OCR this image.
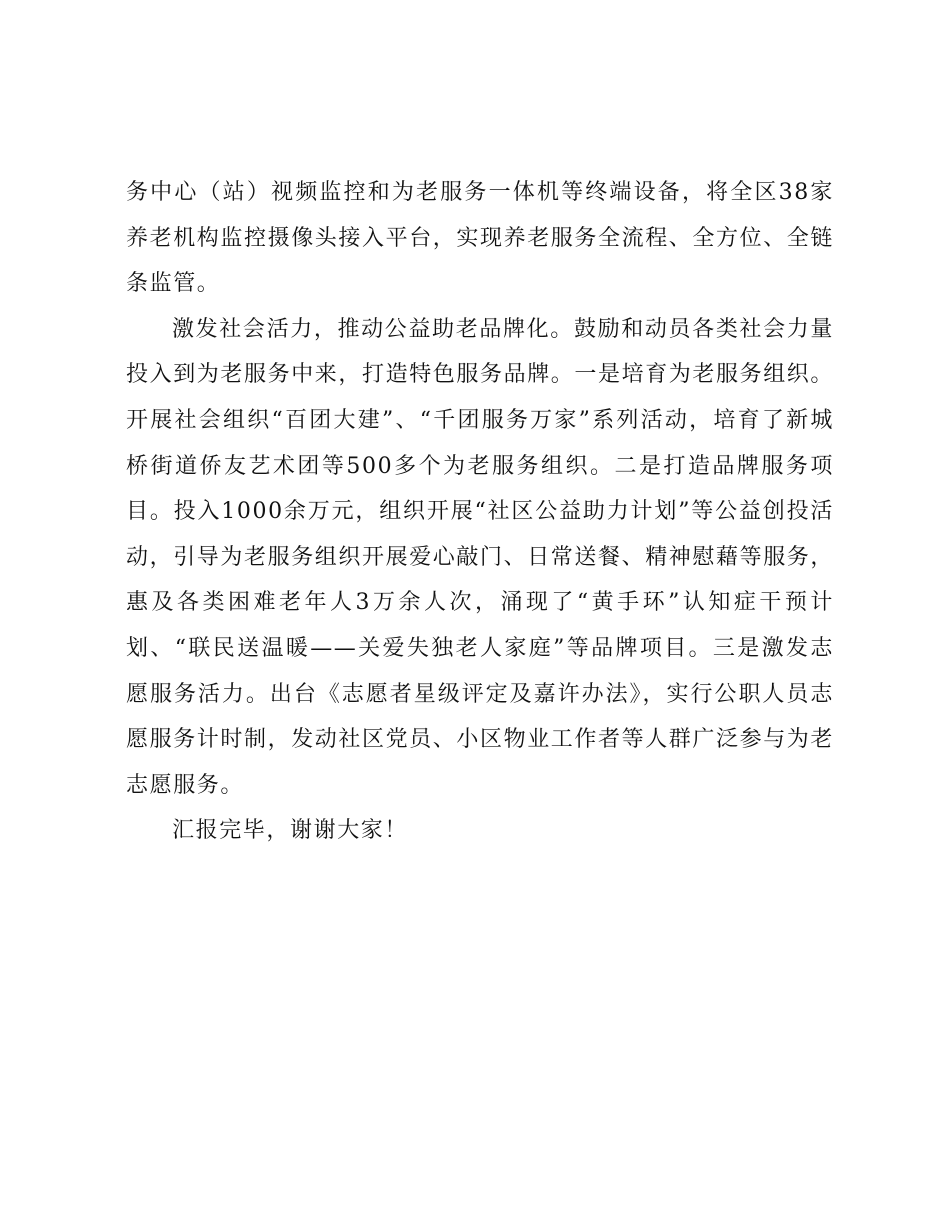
务中心（站）视频监控和为老服务一体机等终端设备，将全区38家养老机构监控摄像头接入平台，实现养老服务全流程、全方位、全链条监管。

激发社会活力，推动公益助老品牌化。鼓励和动员各类社会力量投入到为老服务中来，打造特色服务品牌。一是培育为老服务组织。开展社会组织“百团大建”、“千团服务万家”系列活动，培育了新城桥街道侨友艺术团等500多个为老服务组织。二是打造品牌服务项目。投入1000余万元，组织开展“社区公益助力计划”等公益创投活动，引导为老服务组织开展爱心敲门、日常送餐、精神慰藉等服务，惠及各类困难老年人3万余人次，涌现了“黄手环”认知症干预计划、“联民送温暖——关爱失独老人家庭”等品牌项目。三是激发志愿服务活力。出台《志愿者星级评定及嘉许办法》，实行公职人员志愿服务计时制，发动社区党员、小区物业工作者等人群广泛参与为老志愿服务。

汇报完毕，谢谢大家！
